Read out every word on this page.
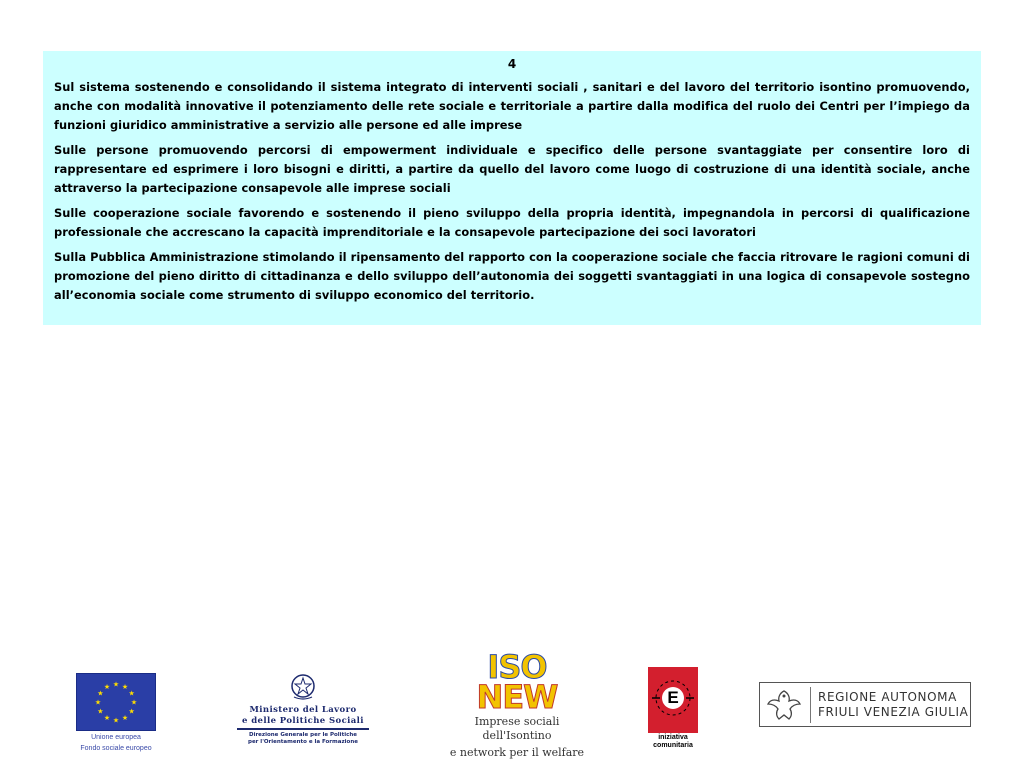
4

Sul sistema sostenendo e consolidando il sistema integrato di interventi sociali , sanitari e del lavoro del territorio isontino promuovendo, anche con modalità innovative il potenziamento delle rete sociale e territoriale a partire dalla modifica del ruolo dei Centri per l’impiego da funzioni giuridico amministrative a servizio alle persone ed alle imprese

Sulle persone promuovendo percorsi di empowerment individuale e specifico delle persone svantaggiate per consentire loro di rappresentare ed esprimere i loro bisogni e diritti, a partire da quello del lavoro come luogo di costruzione di una identità sociale, anche attraverso la partecipazione consapevole alle imprese sociali

Sulle cooperazione sociale favorendo e sostenendo il pieno sviluppo della propria identità, impegnandola in percorsi di qualificazione professionale che accrescano la capacità imprenditoriale e la consapevole partecipazione dei soci lavoratori

Sulla Pubblica Amministrazione stimolando il ripensamento del rapporto con la cooperazione sociale che faccia ritrovare le ragioni comuni di promozione del pieno diritto di cittadinanza e dello sviluppo dell’autonomia dei soggetti svantaggiati in una logica di consapevole sostegno all’economia sociale come strumento di sviluppo economico del territorio.

★ ★
★
★
★
★
★
★
★
★
★
★
Unione europea
Fondo sociale europeo
Ministero del Lavoro
e delle Politiche Sociali
Direzione Generale per le Politiche
per l'Orientamento e la Formazione
ISO
NEW
Imprese sociali dell'Isontino
e network per il welfare
E
iniziativa
comunitaria
REGIONE AUTONOMA
FRIULI VENEZIA GIULIA
